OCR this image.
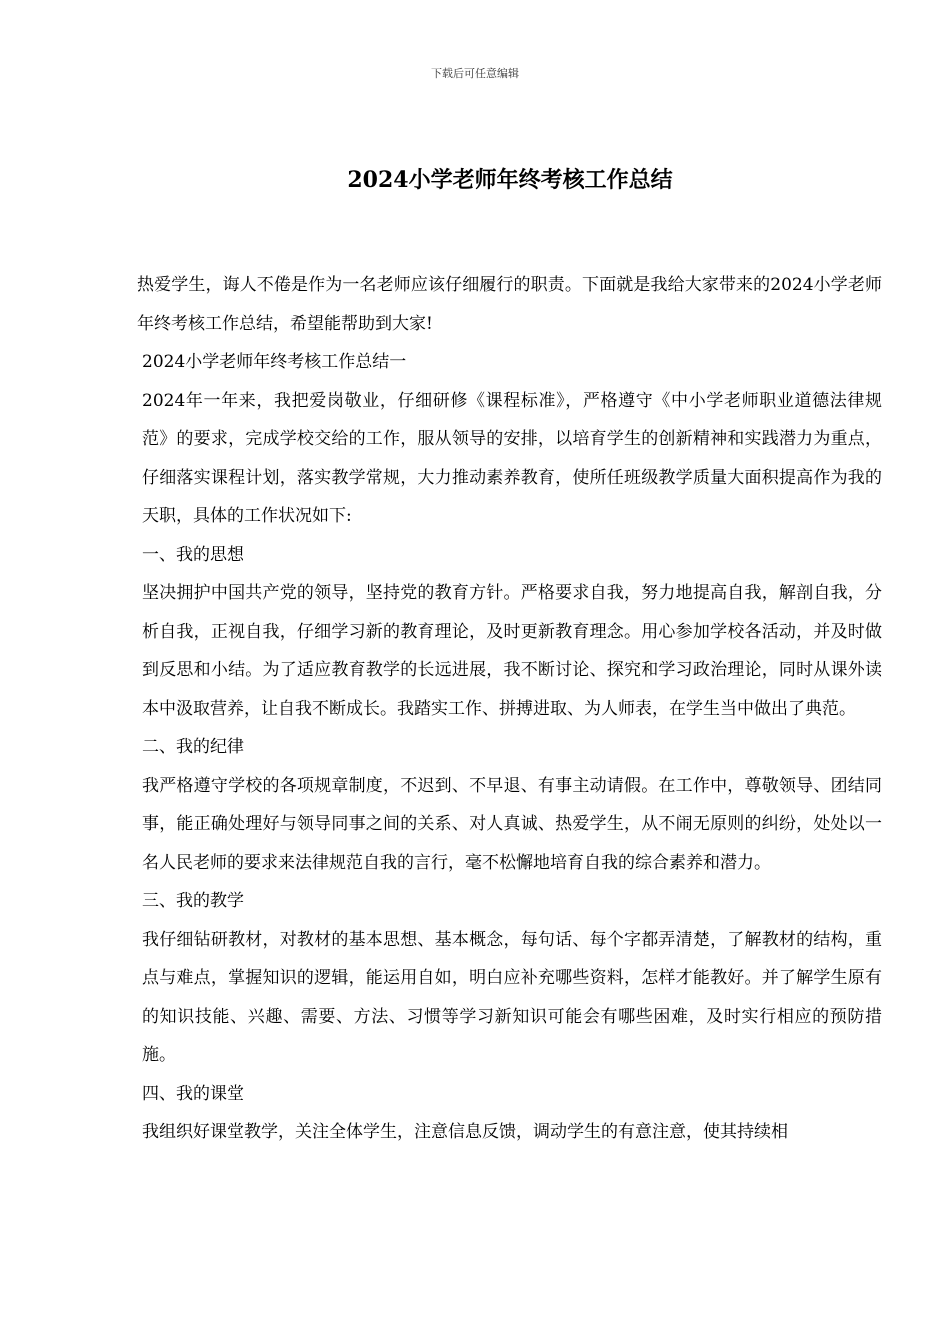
下载后可任意编辑
2024小学老师年终考核工作总结

热爱学生，诲人不倦是作为一名老师应该仔细履行的职责。下面就是我给大家带来的2024小学老师年终考核工作总结，希望能帮助到大家!

2024小学老师年终考核工作总结一

2024年一年来，我把爱岗敬业，仔细研修《课程标准》，严格遵守《中小学老师职业道德法律规范》的要求，完成学校交给的工作，服从领导的安排，以培育学生的创新精神和实践潜力为重点，仔细落实课程计划，落实教学常规，大力推动素养教育，使所任班级教学质量大面积提高作为我的天职，具体的工作状况如下:

一、我的思想

坚决拥护中国共产党的领导，坚持党的教育方针。严格要求自我，努力地提高自我，解剖自我，分析自我，正视自我，仔细学习新的教育理论，及时更新教育理念。用心参加学校各活动，并及时做到反思和小结。为了适应教育教学的长远进展，我不断讨论、探究和学习政治理论，同时从课外读本中汲取营养，让自我不断成长。我踏实工作、拼搏进取、为人师表，在学生当中做出了典范。

二、我的纪律

我严格遵守学校的各项规章制度，不迟到、不早退、有事主动请假。在工作中，尊敬领导、团结同事，能正确处理好与领导同事之间的关系、对人真诚、热爱学生，从不闹无原则的纠纷，处处以一名人民老师的要求来法律规范自我的言行，毫不松懈地培育自我的综合素养和潜力。

三、我的教学

我仔细钻研教材，对教材的基本思想、基本概念，每句话、每个字都弄清楚，了解教材的结构，重点与难点，掌握知识的逻辑，能运用自如，明白应补充哪些资料，怎样才能教好。并了解学生原有的知识技能、兴趣、需要、方法、习惯等学习新知识可能会有哪些困难，及时实行相应的预防措施。

四、我的课堂

我组织好课堂教学，关注全体学生，注意信息反馈，调动学生的有意注意，使其持续相
